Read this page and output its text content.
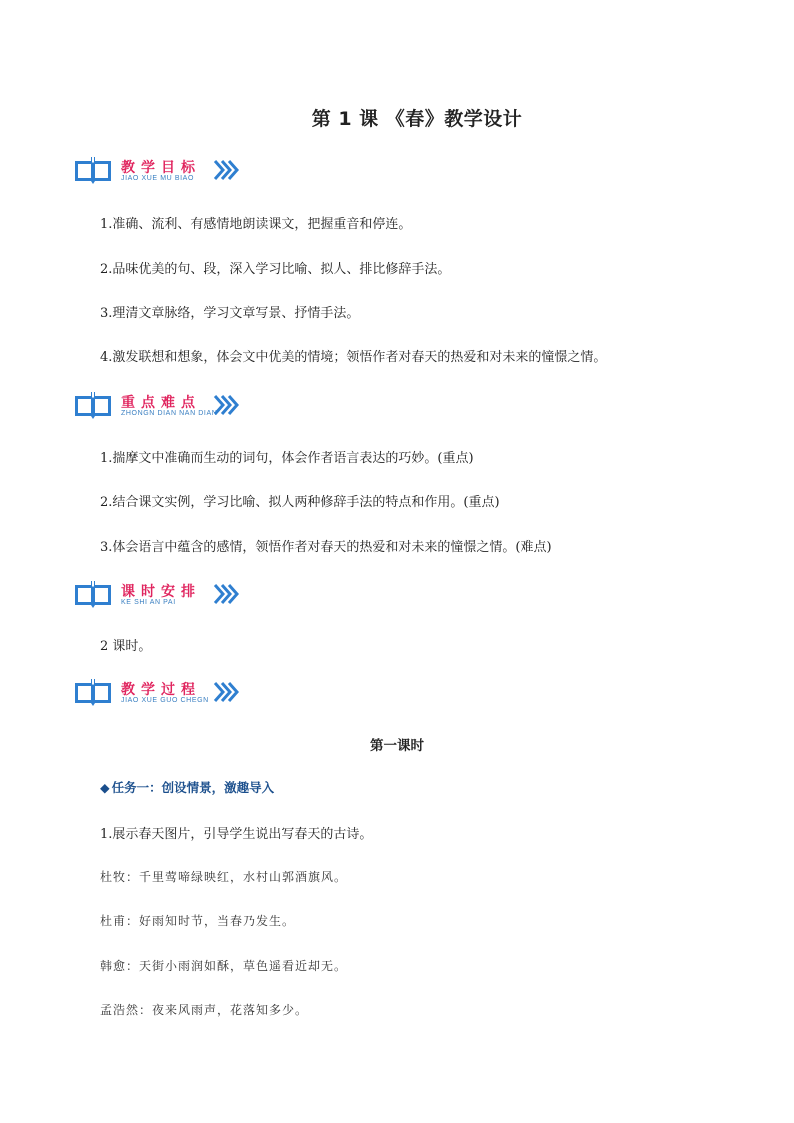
第 1 课 《春》教学设计
教学目标
JIAO XUE MU BIAO
1.准确、流利、有感情地朗读课文，把握重音和停连。
2.品味优美的句、段，深入学习比喻、拟人、排比修辞手法。
3.理清文章脉络，学习文章写景、抒情手法。
4.激发联想和想象，体会文中优美的情境；领悟作者对春天的热爱和对未来的憧憬之情。
重点难点
ZHONGN DIAN NAN DIAN
1.揣摩文中准确而生动的词句，体会作者语言表达的巧妙。(重点)
2.结合课文实例，学习比喻、拟人两种修辞手法的特点和作用。(重点)
3.体会语言中蕴含的感情，领悟作者对春天的热爱和对未来的憧憬之情。(难点)
课时安排
KE SHI AN PAI
2 课时。
教学过程
JIAO XUE GUO CHEGN
第一课时
◆ 任务一：创设情景，激趣导入
1.展示春天图片，引导学生说出写春天的古诗。
杜牧：千里莺啼绿映红，水村山郭酒旗风。
杜甫：好雨知时节，当春乃发生。
韩愈：天街小雨润如酥，草色遥看近却无。
孟浩然：夜来风雨声，花落知多少。
